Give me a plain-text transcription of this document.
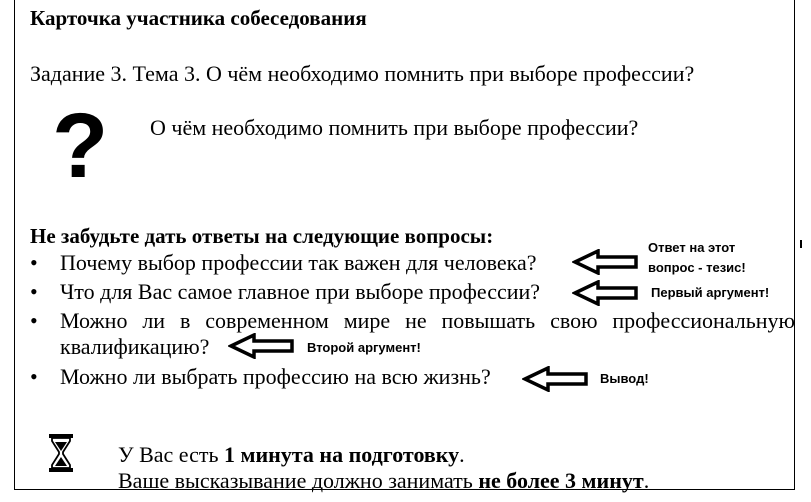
Карточка участника собеседования
Задание 3. Тема 3. О чём необходимо помнить при выборе профессии?
? О чём необходимо помнить при выборе профессии?
Не забудьте дать ответы на следующие вопросы:
• Почему выбор профессии так важен для человека?
• Что для Вас самое главное при выборе профессии?
• Можно ли в современном мире не повышать свою профессиональную
квалификацию?
• Можно ли выбрать профессию на всю жизнь?
Ответ на этот
вопрос - тезис!
Первый аргумент!
Второй аргумент!
Вывод!
У Вас есть 1 минута на подготовку.
Ваше высказывание должно занимать не более 3 минут.
